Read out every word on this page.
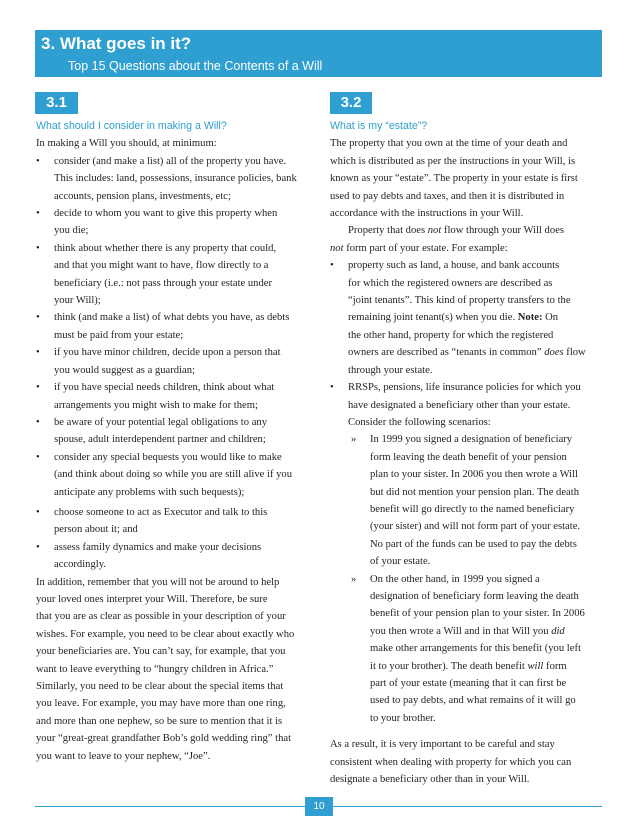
3. What goes in it?
Top 15 Questions about the Contents of a Will
3.1	3.2
What should I consider in making a Will?
In making a Will you should, at minimum:
• consider (and make a list) all of the property you have.
This includes: land, possessions, insurance policies, bank
accounts, pension plans, investments, etc;
• decide to whom you want to give this property when
you die;
• think about whether there is any property that could,
and that you might want to have, flow directly to a
beneficiary (i.e.: not pass through your estate under
your Will);
• think (and make a list) of what debts you have, as debts
must be paid from your estate;
• if you have minor children, decide upon a person that
you would suggest as a guardian;
• if you have special needs children, think about what
arrangements you might wish to make for them;
• be aware of your potential legal obligations to any
spouse, adult interdependent partner and children;
• consider any special bequests you would like to make
(and think about doing so while you are still alive if you
anticipate any problems with such bequests);
• choose someone to act as Executor and talk to this
person about it; and
• assess family dynamics and make your decisions
accordingly.
In addition, remember that you will not be around to help
your loved ones interpret your Will. Therefore, be sure
that you are as clear as possible in your description of your
wishes. For example, you need to be clear about exactly who
your beneficiaries are. You can’t say, for example, that you
want to leave everything to “hungry children in Africa.”
Similarly, you need to be clear about the special items that
you leave. For example, you may have more than one ring,
and more than one nephew, so be sure to mention that it is
your “great-great grandfather Bob’s gold wedding ring” that
you want to leave to your nephew, “Joe”.
What is my “estate”?
The property that you own at the time of your death and
which is distributed as per the instructions in your Will, is
known as your “estate”. The property in your estate is first
used to pay debts and taxes, and then it is distributed in
accordance with the instructions in your Will.
Property that does not flow through your Will does
not form part of your estate. For example:
• property such as land, a house, and bank accounts
for which the registered owners are described as
“joint tenants”. This kind of property transfers to the
remaining joint tenant(s) when you die. Note: On
the other hand, property for which the registered
owners are described as “tenants in common” does flow
through your estate.
• RRSPs, pensions, life insurance policies for which you
have designated a beneficiary other than your estate.
Consider the following scenarios:
» In 1999 you signed a designation of beneficiary
form leaving the death benefit of your pension
plan to your sister. In 2006 you then wrote a Will
but did not mention your pension plan. The death
benefit will go directly to the named beneficiary
(your sister) and will not form part of your estate.
No part of the funds can be used to pay the debts
of your estate.
» On the other hand, in 1999 you signed a
designation of beneficiary form leaving the death
benefit of your pension plan to your sister. In 2006
you then wrote a Will and in that Will you did
make other arrangements for this benefit (you left
it to your brother). The death benefit will form
part of your estate (meaning that it can first be
used to pay debts, and what remains of it will go
to your brother.
As a result, it is very important to be careful and stay
consistent when dealing with property for which you can
designate a beneficiary other than in your Will.
10
